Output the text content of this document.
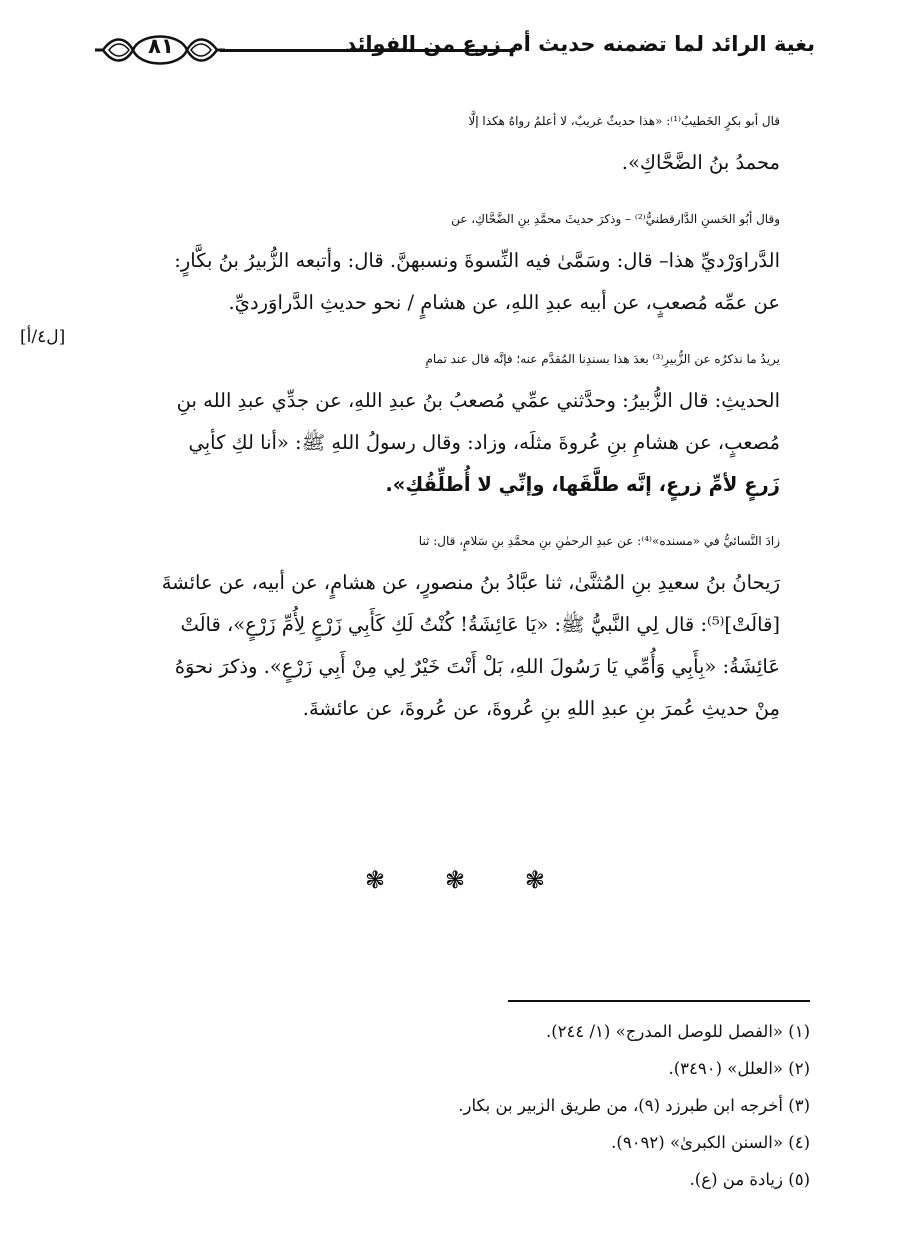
٨١	بغية الرائد لما تضمنه حديث أم زرع من الفوائد
[ل٤/أ]

قال أبو بكرٍ الخَطيبُ⁽¹⁾: «هذا حديثٌ غريبٌ، لا أعلمُ رواهُ هكذا إلَّا
محمدُ بنُ الضَّحَّاكِ».

وقال أبُو الحَسنِ الدَّارقطنيُّ⁽²⁾ – وذكرَ حديثَ محمَّدِ بنِ الضَّحَّاكِ، عن
الدَّراوَرْديِّ هذا– قال: وسَمَّىٰ فيه النِّسوةَ ونسبهنَّ. قال: وأتبعه الزُّبيرُ بنُ بكَّارٍ:
عن عمِّه مُصعبٍ، عن أبيه عبدِ اللهِ، عن هشامٍ / نحو حديثِ الدَّراوَرديِّ.

يريدُ ما نذكرُه عن الزُّبيرِ⁽³⁾ بعدَ هذا بسندِنا المُقدَّم عنه؛ فإنَّه قال عند تمامِ
الحديثِ: قال الزُّبيرُ: وحدَّثني عمِّي مُصعبُ بنُ عبدِ اللهِ، عن جدِّي عبدِ الله بنِ
مُصعبٍ، عن هشامِ بنِ عُروةَ مثلَه، وزاد: وقال رسولُ اللهِ ﷺ: «أنا لكِ كأبِي
زَرعٍ لأمِّ زرعٍ، إنَّه طلَّقَها، وإنِّي لا أُطلِّقُكِ».

زادَ النَّسائيُّ في «مسنده»⁽⁴⁾: عن عبدِ الرحمٰنِ بنِ محمَّدِ بنِ سَلامٍ، قال: ثنا
رَيحانُ بنُ سعيدِ بنِ المُثنَّىٰ، ثنا عبَّادُ بنُ منصورٍ، عن هشامٍ، عن أبيه، عن عائشةَ
[قالَتْ]⁽⁵⁾: قال لِي النَّبيُّ ﷺ: «يَا عَائِشَةُ! كُنْتُ لَكِ كَأَبِي زَرْعٍ لِأُمِّ زَرْعٍ»، قالَتْ
عَائِشَةُ: «بِأَبِي وَأُمِّي يَا رَسُولَ اللهِ، بَلْ أَنْتَ خَيْرٌ لِي مِنْ أَبِي زَرْعٍ». وذكرَ نحوَهُ
مِنْ حديثِ عُمرَ بنِ عبدِ اللهِ بنِ عُروةَ، عن عُروةَ، عن عائشةَ.

❃ ❃ ❃
(١) «الفصل للوصل المدرج» (١/ ٢٤٤).
(٢) «العلل» (٣٤٩٠).
(٣) أخرجه ابن طبرزد (٩)، من طريق الزبير بن بكار.
(٤) «السنن الكبرىٰ» (٩٠٩٢).
(٥) زيادة من (ع).
